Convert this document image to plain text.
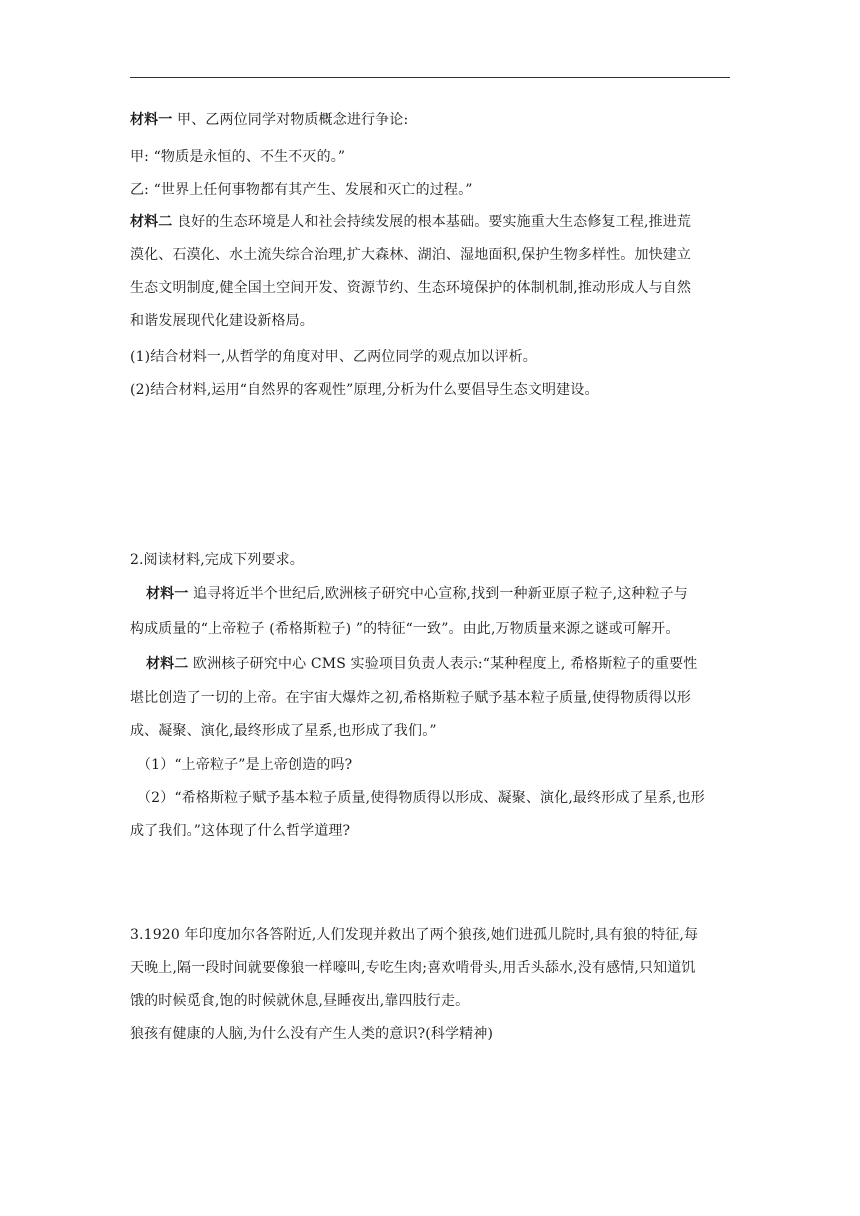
材料一 甲、乙两位同学对物质概念进行争论:
甲: “物质是永恒的、不生不灭的。”
乙: “世界上任何事物都有其产生、发展和灭亡的过程。”
材料二 良好的生态环境是人和社会持续发展的根本基础。要实施重大生态修复工程,推进荒
漠化、石漠化、水土流失综合治理,扩大森林、湖泊、湿地面积,保护生物多样性。加快建立
生态文明制度,健全国土空间开发、资源节约、生态环境保护的体制机制,推动形成人与自然
和谐发展现代化建设新格局。
(1)结合材料一,从哲学的角度对甲、乙两位同学的观点加以评析。
(2)结合材料,运用“自然界的客观性”原理,分析为什么要倡导生态文明建设。
2.阅读材料,完成下列要求。
材料一 追寻将近半个世纪后,欧洲核子研究中心宣称,找到一种新亚原子粒子,这种粒子与
构成质量的“上帝粒子 (希格斯粒子) ”的特征“一致”。由此,万物质量来源之谜或可解开。
材料二 欧洲核子研究中心 CMS 实验项目负责人表示:“某种程度上, 希格斯粒子的重要性
堪比创造了一切的上帝。在宇宙大爆炸之初,希格斯粒子赋予基本粒子质量,使得物质得以形
成、凝聚、演化,最终形成了星系,也形成了我们。”
（1）“上帝粒子”是上帝创造的吗?
（2）“希格斯粒子赋予基本粒子质量,使得物质得以形成、凝聚、演化,最终形成了星系,也形
成了我们。”这体现了什么哲学道理?
3.1920 年印度加尔各答附近,人们发现并救出了两个狼孩,她们进孤儿院时,具有狼的特征,每
天晚上,隔一段时间就要像狼一样嚎叫,专吃生肉;喜欢啃骨头,用舌头舔水,没有感情,只知道饥
饿的时候觅食,饱的时候就休息,昼睡夜出,靠四肢行走。
狼孩有健康的人脑,为什么没有产生人类的意识?(科学精神)
